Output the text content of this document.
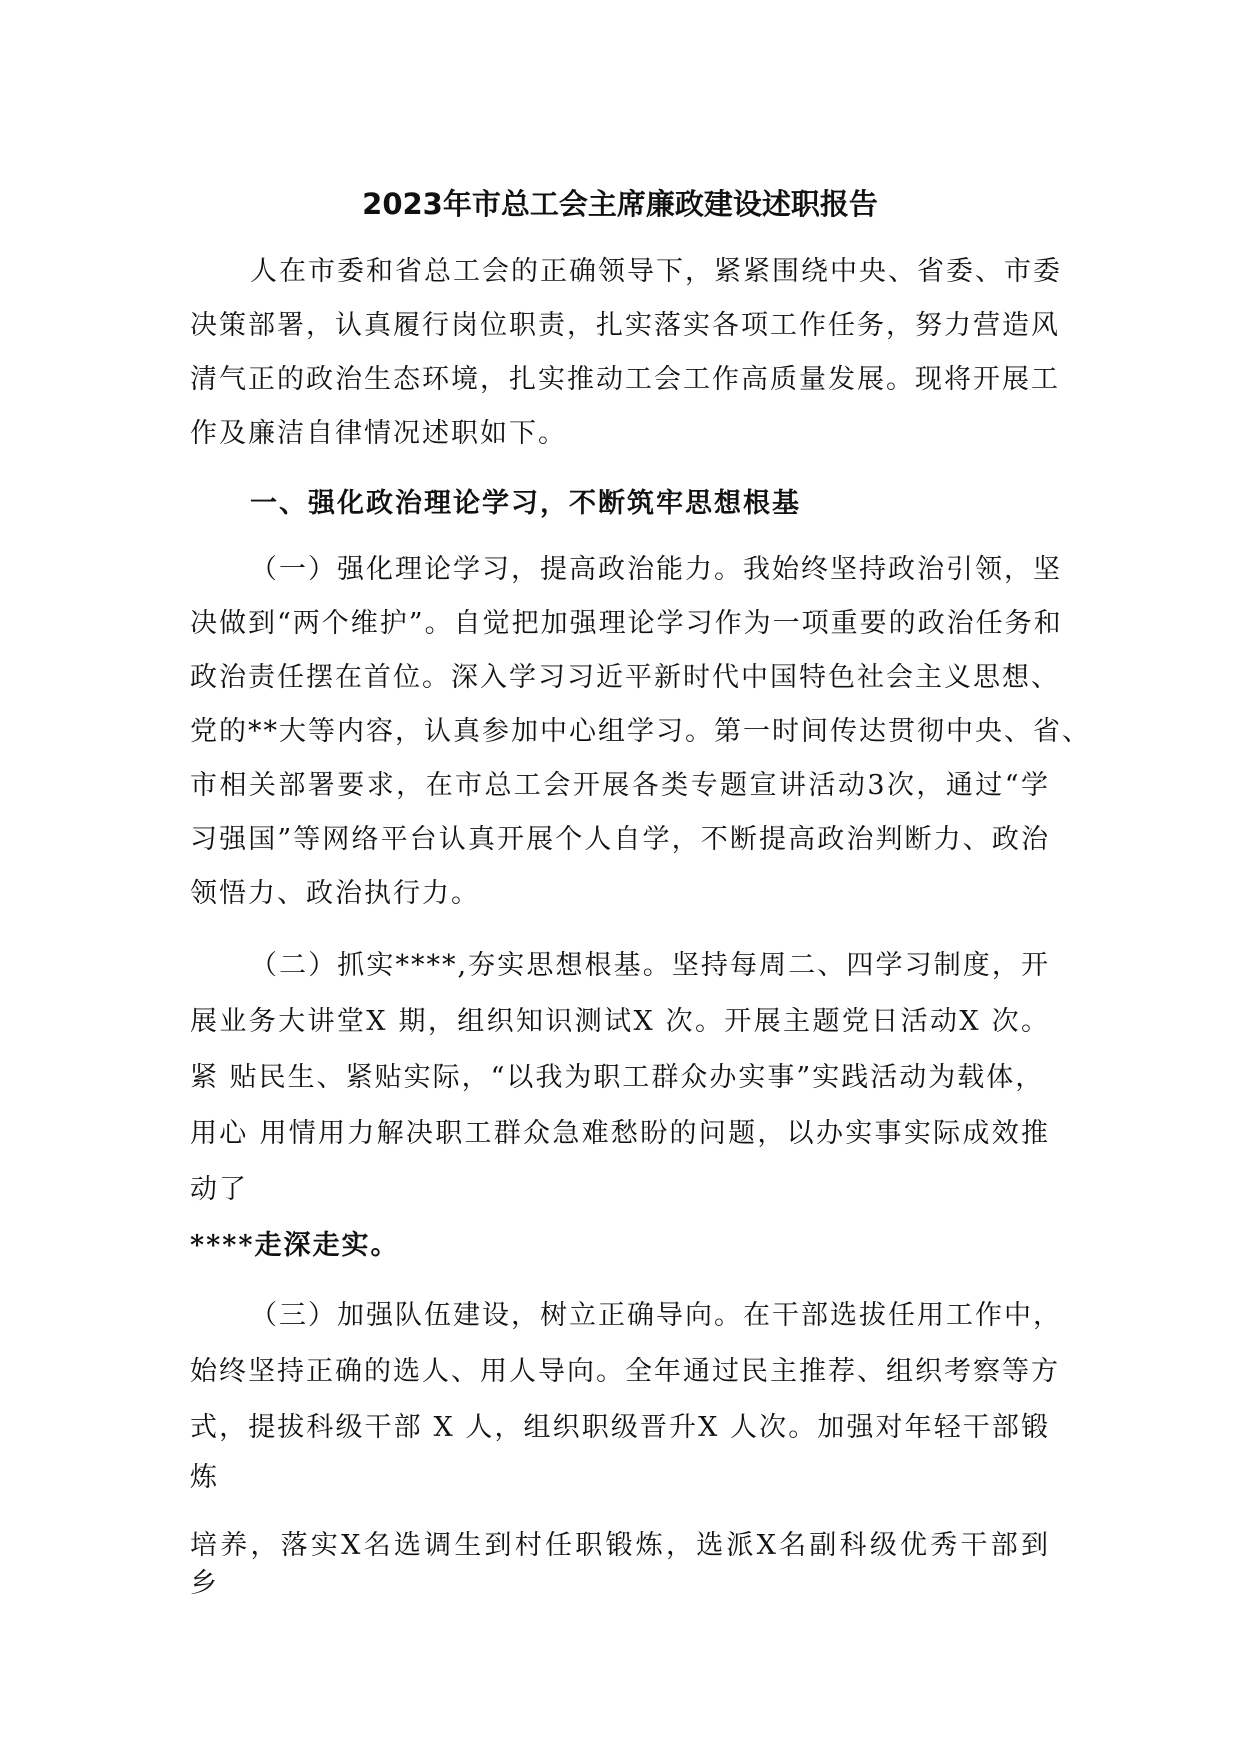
2023年市总工会主席廉政建设述职报告

人在市委和省总工会的正确领导下，紧紧围绕中央、省委、市委

决策部署，认真履行岗位职责，扎实落实各项工作任务，努力营造风

清气正的政治生态环境，扎实推动工会工作高质量发展。现将开展工

作及廉洁自律情况述职如下。

一、强化政治理论学习，不断筑牢思想根基

（一）强化理论学习，提高政治能力。我始终坚持政治引领，坚

决做到“两个维护”。自觉把加强理论学习作为一项重要的政治任务和

政治责任摆在首位。深入学习习近平新时代中国特色社会主义思想、

党的**大等内容，认真参加中心组学习。第一时间传达贯彻中央、省、

市相关部署要求，在市总工会开展各类专题宣讲活动3次，通过“学

习强国”等网络平台认真开展个人自学，不断提高政治判断力、政治

领悟力、政治执行力。

（二）抓实****,夯实思想根基。坚持每周二、四学习制度，开

展业务大讲堂X 期，组织知识测试X 次。开展主题党日活动X 次。

紧 贴民生、紧贴实际，“以我为职工群众办实事”实践活动为载体，

用心 用情用力解决职工群众急难愁盼的问题，以办实事实际成效推

动了

****走深走实。

（三）加强队伍建设，树立正确导向。在干部选拔任用工作中，

始终坚持正确的选人、用人导向。全年通过民主推荐、组织考察等方

式，提拔科级干部 X 人，组织职级晋升X 人次。加强对年轻干部锻

炼

培养，落实X名选调生到村任职锻炼，选派X名副科级优秀干部到

乡
